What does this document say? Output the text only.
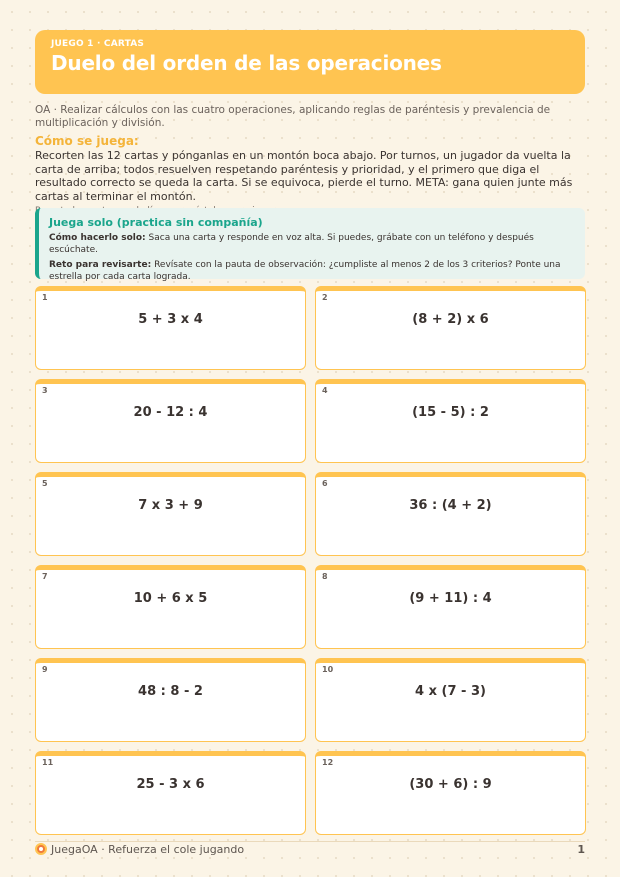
JUEGO 1 · CARTAS
Duelo del orden de las operaciones
OA · Realizar cálculos con las cuatro operaciones, aplicando reglas de paréntesis y prevalencia de multiplicación y división.
Cómo se juega:
Recorten las 12 cartas y pónganlas en un montón boca abajo. Por turnos, un jugador da vuelta la carta de arriba; todos resuelven respetando paréntesis y prioridad, y el primero que diga el resultado correcto se queda la carta. Si se equivoca, pierde el turno. META: gana quien junte más cartas al terminar el montón.
Juega solo (practica sin compañía)
Cómo hacerlo solo: Saca una carta y responde en voz alta. Si puedes, grábate con un teléfono y después escúchate.
Reto para revisarte: Revísate con la pauta de observación: ¿cumpliste al menos 2 de los 3 criterios? Ponte una estrella por cada carta lograda.
1
5 + 3 x 4
2
(8 + 2) x 6
3
20 - 12 : 4
4
(15 - 5) : 2
5
7 x 3 + 9
6
36 : (4 + 2)
7
10 + 6 x 5
8
(9 + 11) : 4
9
48 : 8 - 2
10
4 x (7 - 3)
11
25 - 3 x 6
12
(30 + 6) : 9
JuegaOA · Refuerza el cole jugando	1
